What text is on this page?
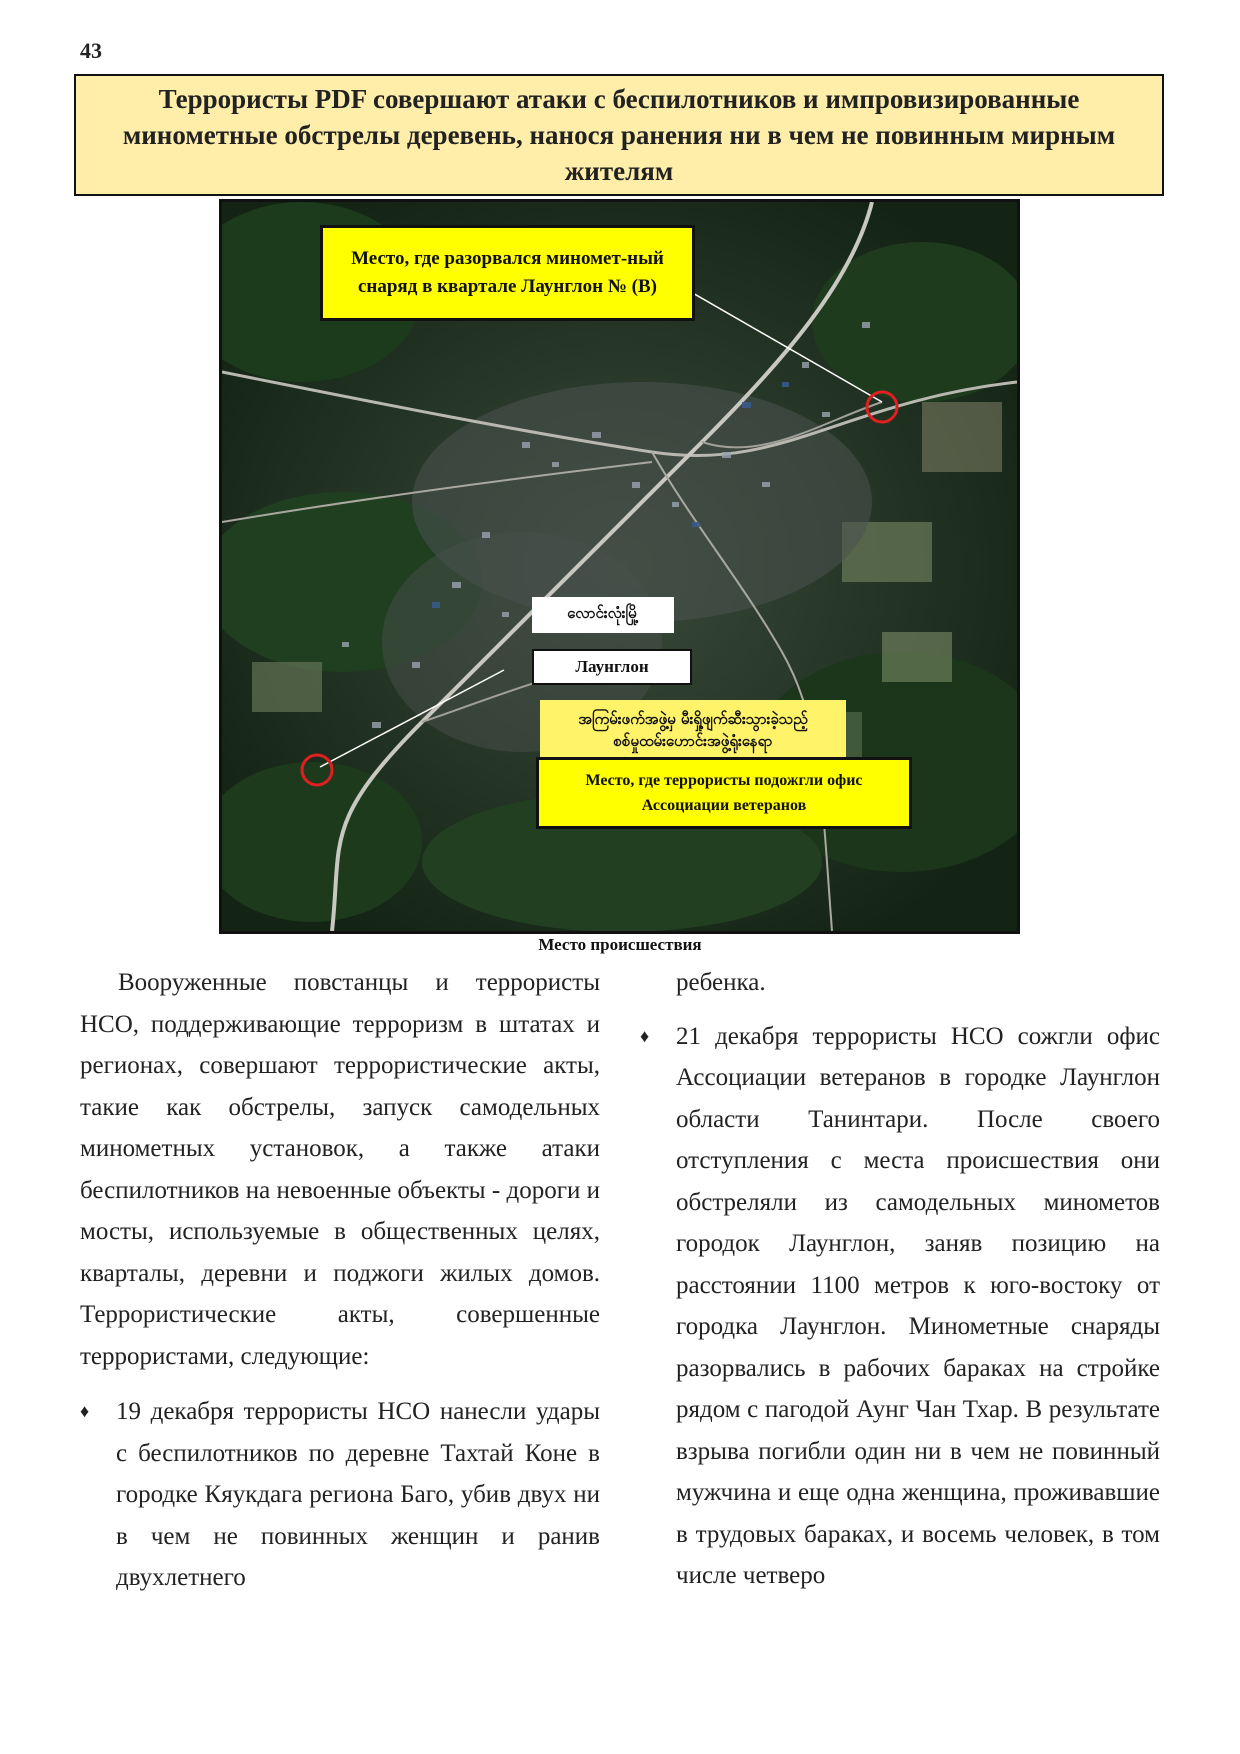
43
Террористы PDF совершают атаки с беспилотников и импровизированные минометные обстрелы деревень, нанося ранения ни в чем не повинным мирным жителям
Место, где разорвался миномет-ный снаряд в квартале Лаунглон № (B)
လောင်းလုံးမြို့
Лаунглон
အကြမ်းဖက်အဖွဲ့မှ မီးရှို့ဖျက်ဆီးသွားခဲ့သည့် စစ်မှုထမ်းဟောင်းအဖွဲ့ရုံးနေရာ
Место, где террористы подожгли офис Ассоциации ветеранов
Место происшествия

Вооруженные повстанцы и террористы НСО, поддерживающие терроризм в штатах и регионах, совершают террористические акты, такие как обстрелы, запуск самодельных минометных установок, а также атаки беспилотников на невоенные объекты - дороги и мосты, используемые в общественных целях, кварталы, деревни и поджоги жилых домов. Террористические акты, совершенные террористами, следующие:

♦ 19 декабря террористы НСО нанесли удары с беспилотников по деревне Тахтай Коне в городке Кяукдага региона Баго, убив двух ни в чем не повинных женщин и ранив двухлетнего

ребенка.

♦ 21 декабря террористы НСО сожгли офис Ассоциации ветеранов в городке Лаунглон области Танинтари. После своего отступления с места происшествия они обстреляли из самодельных минометов городок Лаунглон, заняв позицию на расстоянии 1100 метров к юго-востоку от городка Лаунглон. Минометные снаряды разорвались в рабочих бараках на стройке рядом с пагодой Аунг Чан Тхар. В результате взрыва погибли один ни в чем не повинный мужчина и еще одна женщина, проживавшие в трудовых бараках, и восемь человек, в том числе четверо
